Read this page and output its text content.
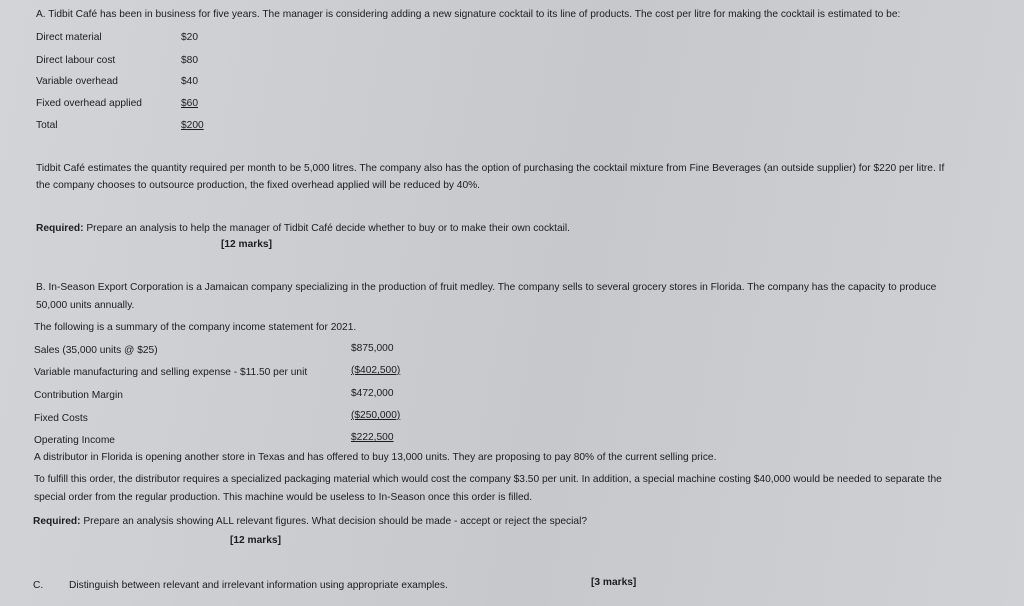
A. Tidbit Café has been in business for five years. The manager is considering adding a new signature cocktail to its line of products. The cost per litre for making the cocktail is estimated to be:
Direct material	$20
Direct labour cost	$80
Variable overhead	$40
Fixed overhead applied	$60
Total	$200
Tidbit Café estimates the quantity required per month to be 5,000 litres. The company also has the option of purchasing the cocktail mixture from Fine Beverages (an outside supplier) for $220 per litre. If
the company chooses to outsource production, the fixed overhead applied will be reduced by 40%.
Required: Prepare an analysis to help the manager of Tidbit Café decide whether to buy or to make their own cocktail.
[12 marks]
B. In-Season Export Corporation is a Jamaican company specializing in the production of fruit medley. The company sells to several grocery stores in Florida. The company has the capacity to produce
50,000 units annually.
The following is a summary of the company income statement for 2021.
Sales (35,000 units @ $25)	$875,000
Variable manufacturing and selling expense - $11.50 per unit	($402,500)
Contribution Margin	$472,000
Fixed Costs	($250,000)
Operating Income	$222,500
A distributor in Florida is opening another store in Texas and has offered to buy 13,000 units. They are proposing to pay 80% of the current selling price.
To fulfill this order, the distributor requires a specialized packaging material which would cost the company $3.50 per unit. In addition, a special machine costing $40,000 would be needed to separate the
special order from the regular production. This machine would be useless to In-Season once this order is filled.
Required: Prepare an analysis showing ALL relevant figures. What decision should be made - accept or reject the special?
[12 marks]
C.	Distinguish between relevant and irrelevant information using appropriate examples.	[3 marks]
